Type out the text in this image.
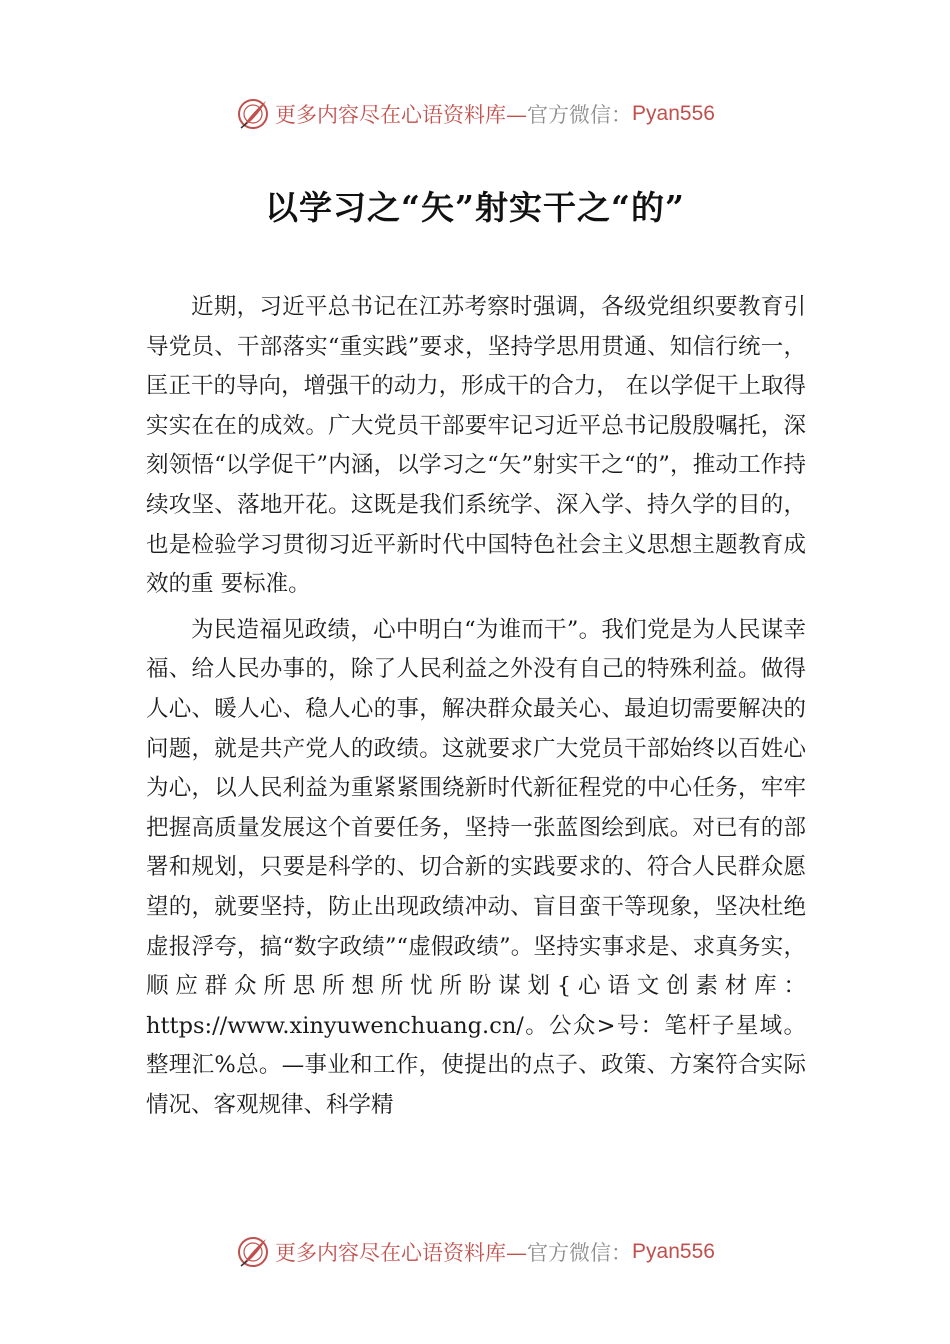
更多内容尽在心语资料库— 官方微信： Pyan556
以学习之“矢”射实干之“的”

近期，习近平总书记在江苏考察时强调，各级党组织要教育引导党员、干部落实“重实践”要求，坚持学思用贯通、知信行统一，匡正干的导向，增强干的动力，形成干的合力， 在以学促干上取得实实在在的成效。广大党员干部要牢记习近平总书记殷殷嘱托，深刻领悟“以学促干”内涵，以学习之“矢”射实干之“的”，推动工作持续攻坚、落地开花。这既是我们系统学、深入学、持久学的目的，也是检验学习贯彻习近平新时代中国特色社会主义思想主题教育成效的重 要标准。

为民造福见政绩，心中明白“为谁而干”。我们党是为人民谋幸福、给人民办事的，除了人民利益之外没有自己的特殊利益。做得人心、暖人心、稳人心的事，解决群众最关心、最迫切需要解决的问题，就是共产党人的政绩。这就要求广大党员干部始终以百姓心为心，以人民利益为重紧紧围绕新时代新征程党的中心任务，牢牢把握高质量发展这个首要任务，坚持一张蓝图绘到底。对已有的部署和规划，只要是科学的、切合新的实践要求的、符合人民群众愿望的，就要坚持，防止出现政绩冲动、盲目蛮干等现象，坚决杜绝虚报浮夸，搞“数字政绩”“虚假政绩”。坚持实事求是、求真务实，顺应群众所思所想所忧所盼谋划{心语文创素材库：https://www.xinyuwenchuang.cn/。公众>号：笔杆子星域。整理汇%总。—事业和工作，使提出的点子、政策、方案符合实际情况、客观规律、科学精

更多内容尽在心语资料库— 官方微信： Pyan556
